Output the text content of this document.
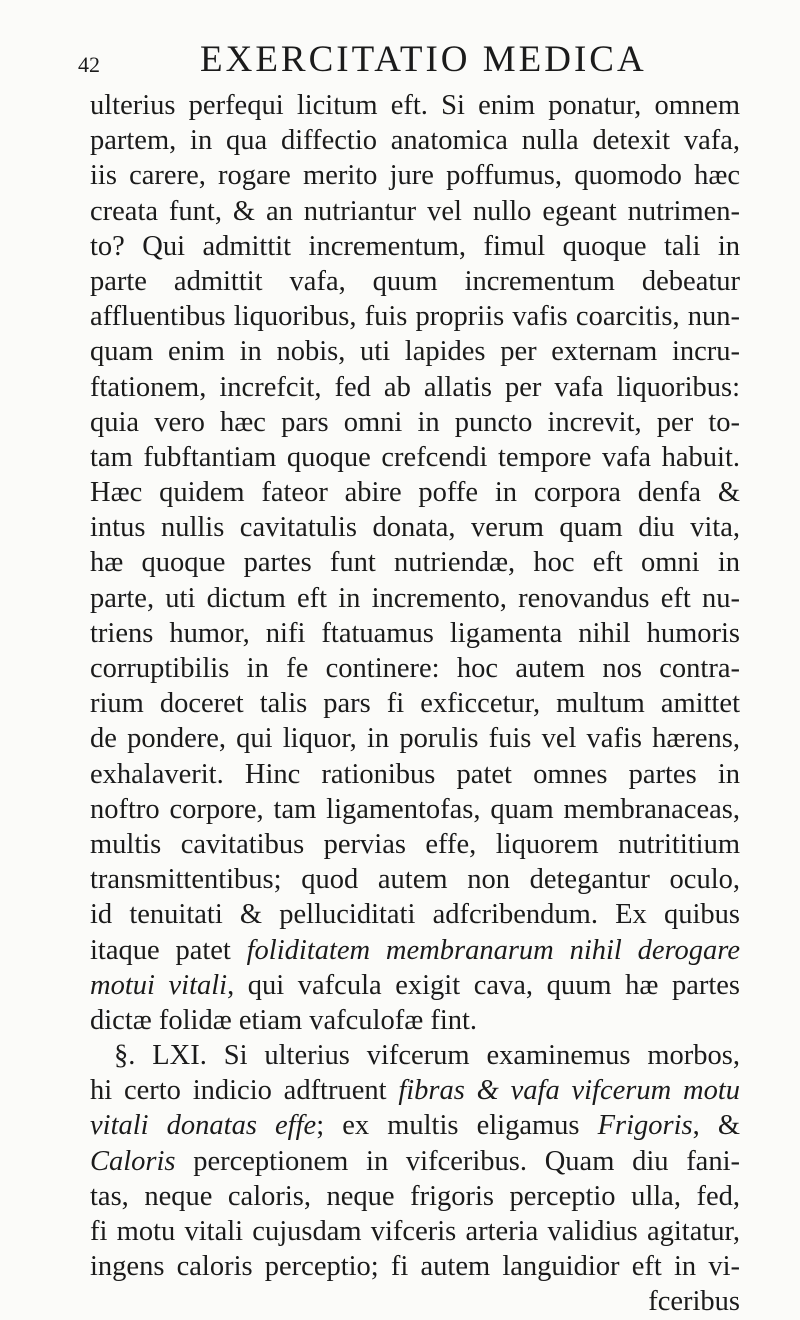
42	EXERCITATIO MEDICA
ulterius perfequi licitum eft. Si enim ponatur, omnem
partem, in qua diffectio anatomica nulla detexit vafa,
iis carere, rogare merito jure poffumus, quomodo hæc
creata funt, & an nutriantur vel nullo egeant nutrimen-
to? Qui admittit incrementum, fimul quoque tali in
parte admittit vafa, quum incrementum debeatur
affluentibus liquoribus, fuis propriis vafis coarcitis, nun-
quam enim in nobis, uti lapides per externam incru-
ftationem, increfcit, fed ab allatis per vafa liquoribus:
quia vero hæc pars omni in puncto increvit, per to-
tam fubftantiam quoque crefcendi tempore vafa habuit.
Hæc quidem fateor abire poffe in corpora denfa &
intus nullis cavitatulis donata, verum quam diu vita,
hæ quoque partes funt nutriendæ, hoc eft omni in
parte, uti dictum eft in incremento, renovandus eft nu-
triens humor, nifi ftatuamus ligamenta nihil humoris
corruptibilis in fe continere: hoc autem nos contra-
rium doceret talis pars fi exficcetur, multum amittet
de pondere, qui liquor, in porulis fuis vel vafis hærens,
exhalaverit. Hinc rationibus patet omnes partes in
noftro corpore, tam ligamentofas, quam membranaceas,
multis cavitatibus pervias effe, liquorem nutrititium
transmittentibus; quod autem non detegantur oculo,
id tenuitati & pelluciditati adfcribendum. Ex quibus
itaque patet foliditatem membranarum nihil derogare
motui vitali, qui vafcula exigit cava, quum hæ partes
dictæ folidæ etiam vafculofæ fint.
§. LXI. Si ulterius vifcerum examinemus morbos,
hi certo indicio adftruent fibras & vafa vifcerum motu
vitali donatas effe; ex multis eligamus Frigoris, &
Caloris perceptionem in vifceribus. Quam diu fani-
tas, neque caloris, neque frigoris perceptio ulla, fed,
fi motu vitali cujusdam vifceris arteria validius agitatur,
ingens caloris perceptio; fi autem languidior eft in vi-
fceribus
